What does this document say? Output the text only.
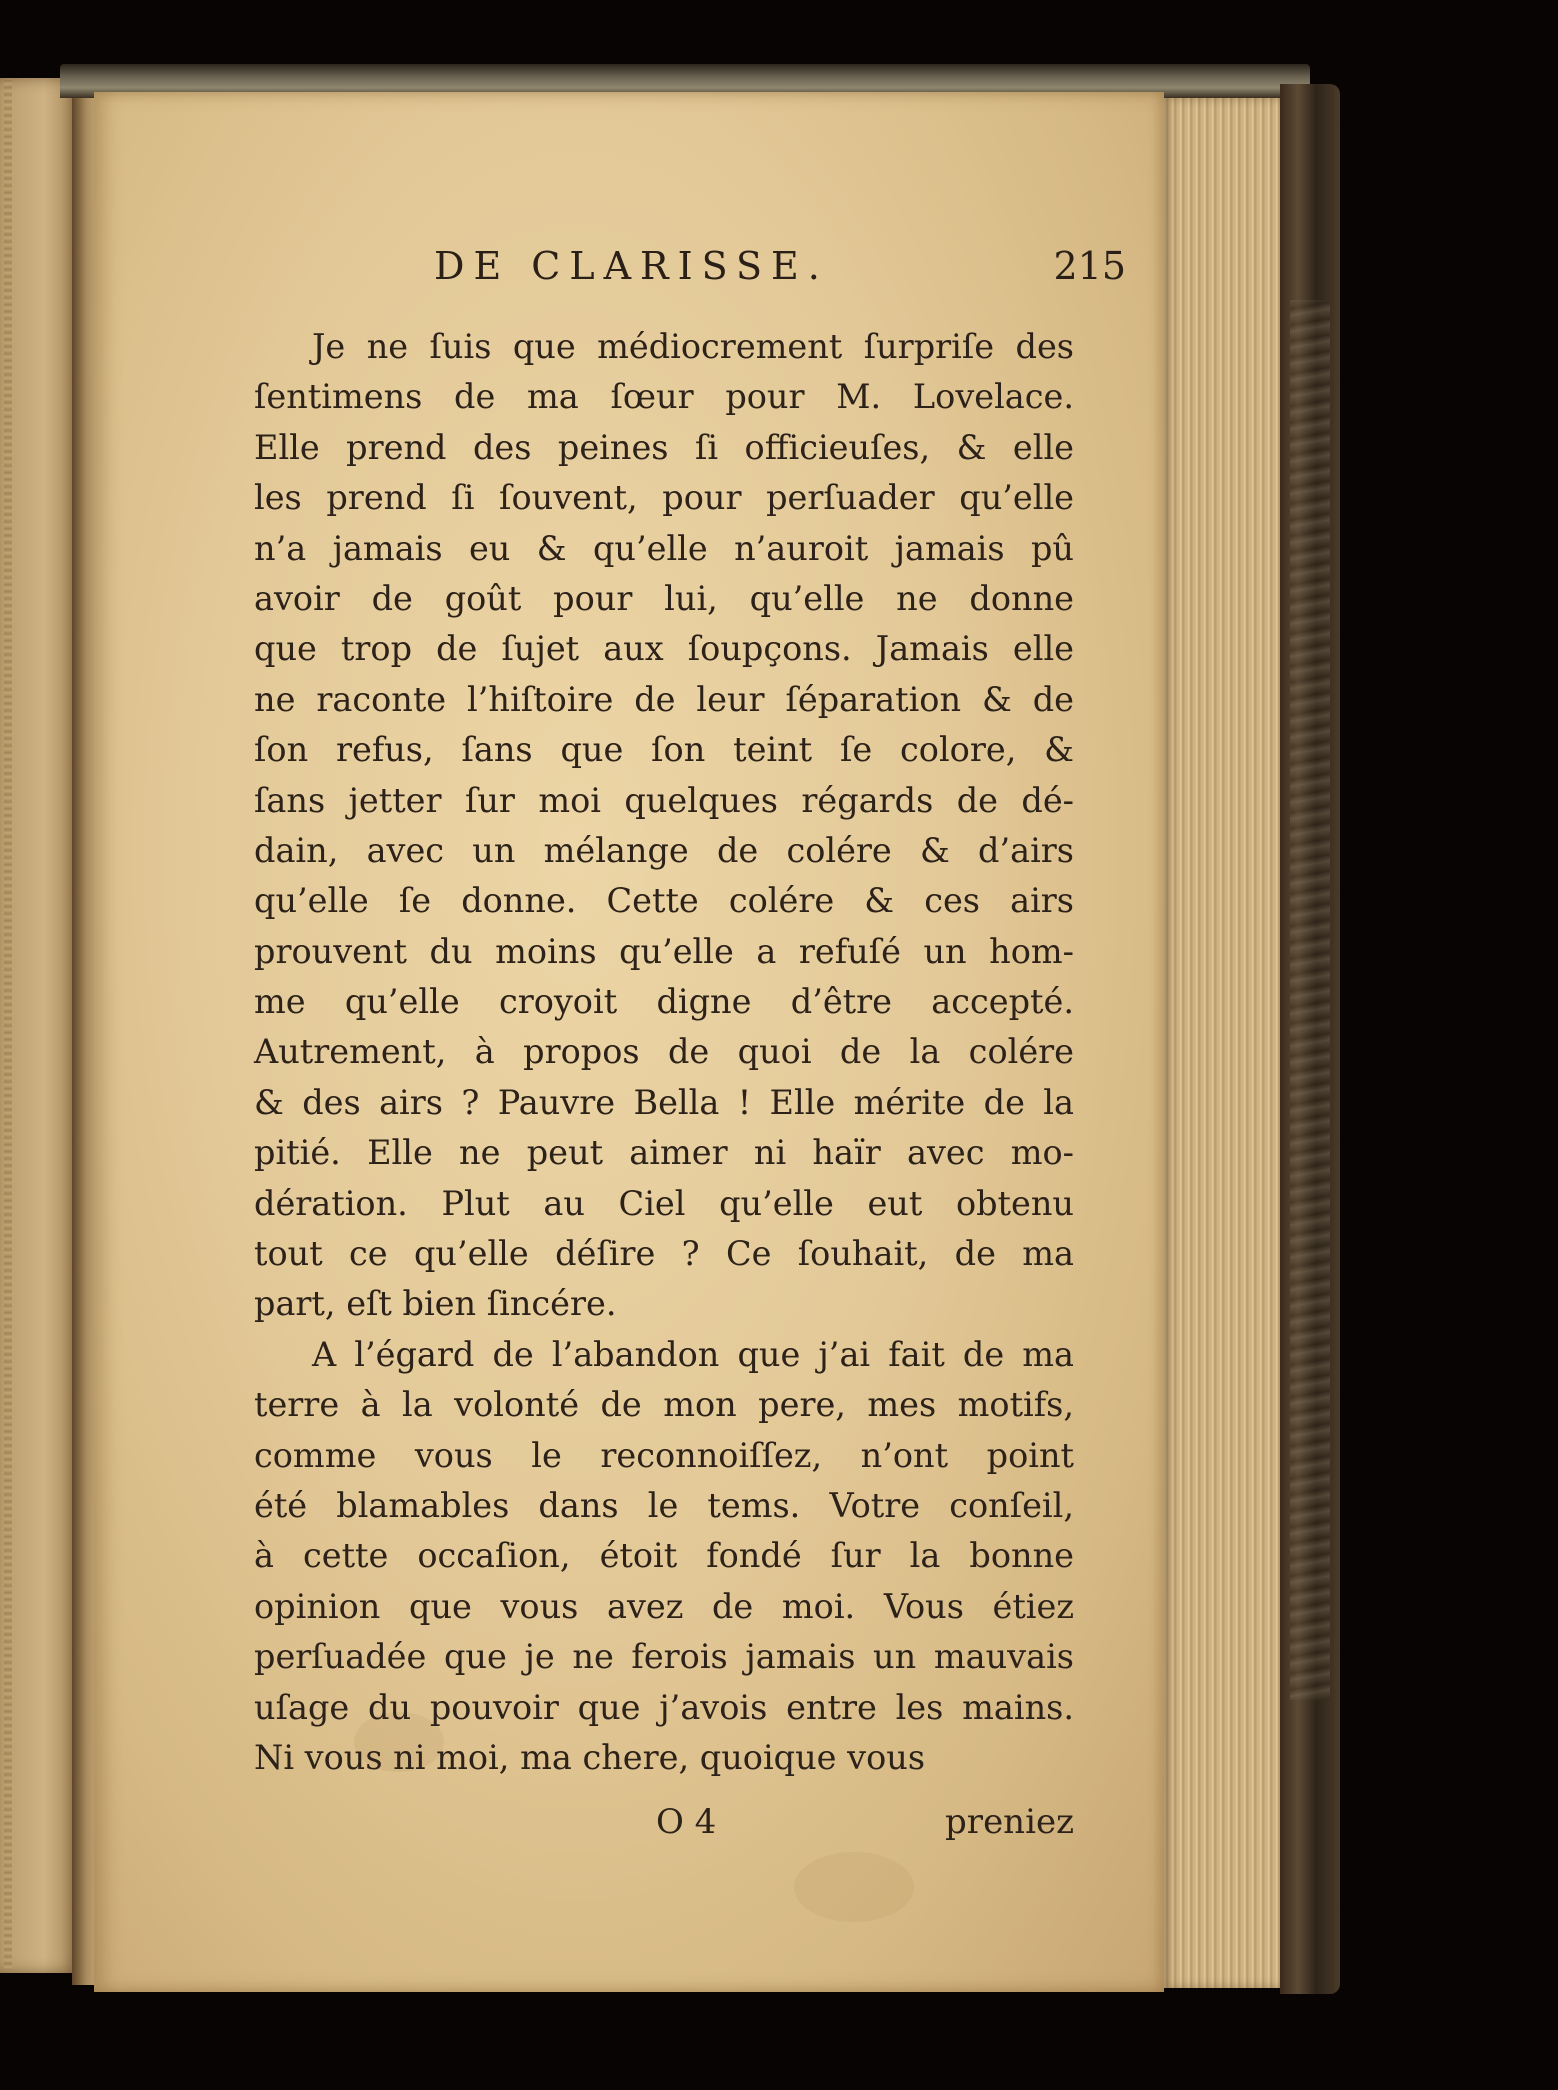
DE CLARISSE.	215
Je ne ſuis que médiocrement ſurpriſe des
ſentimens de ma ſœur pour M. Lovelace.
Elle prend des peines ſi officieuſes, & elle
les prend ſi ſouvent, pour perſuader qu’elle
n’a jamais eu & qu’elle n’auroit jamais pû
avoir de goût pour lui, qu’elle ne donne
que trop de ſujet aux ſoupçons. Jamais elle
ne raconte l’hiſtoire de leur ſéparation & de
ſon refus, ſans que ſon teint ſe colore, &
ſans jetter ſur moi quelques régards de dé-
dain, avec un mélange de colére & d’airs
qu’elle ſe donne. Cette colére & ces airs
prouvent du moins qu’elle a refuſé un hom-
me qu’elle croyoit digne d’être accepté.
Autrement, à propos de quoi de la colére
& des airs ? Pauvre Bella ! Elle mérite de la
pitié. Elle ne peut aimer ni haïr avec mo-
dération. Plut au Ciel qu’elle eut obtenu
tout ce qu’elle déſire ? Ce ſouhait, de ma
part, eſt bien ſincére.
A l’égard de l’abandon que j’ai fait de ma
terre à la volonté de mon pere, mes motifs,
comme vous le reconnoiſſez, n’ont point
été blamables dans le tems. Votre conſeil,
à cette occaſion, étoit fondé ſur la bonne
opinion que vous avez de moi. Vous étiez
perſuadée que je ne ferois jamais un mauvais
uſage du pouvoir que j’avois entre les mains.
Ni vous ni moi, ma chere, quoique vous
O 4	preniez
